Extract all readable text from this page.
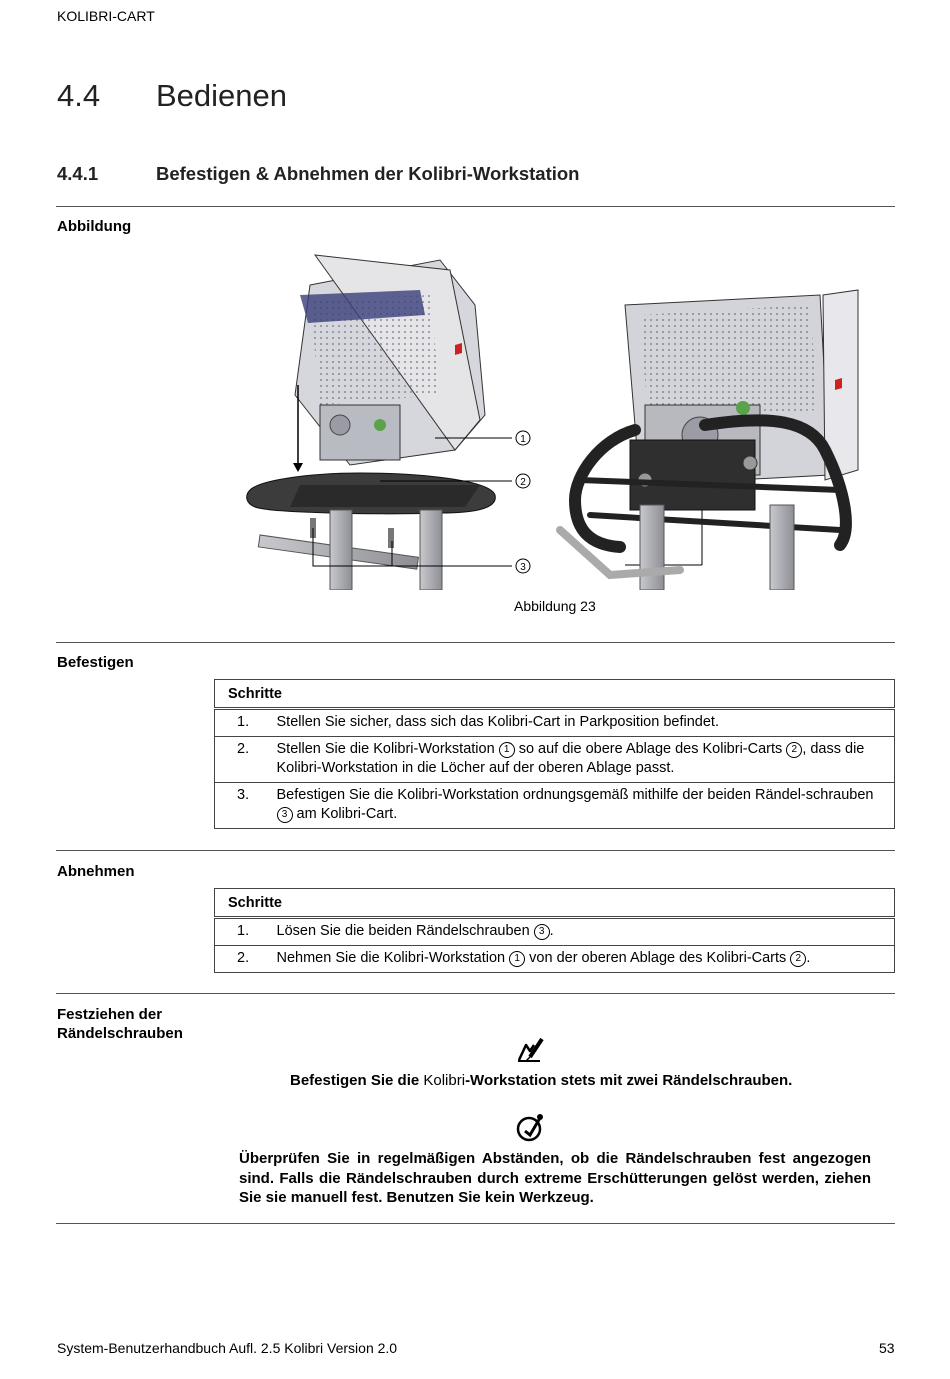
KOLIBRI-CART
4.4 Bedienen
4.4.1	Befestigen & Abnehmen der Kolibri-Workstation
Abbildung
1
2
3
Abbildung 23
Befestigen
Schritte	
1.	Stellen Sie sicher, dass sich das Kolibri-Cart in Parkposition befindet.
2.	Stellen Sie die Kolibri-Workstation 1 so auf die obere Ablage des Kolibri-Carts 2 , dass die Kolibri-Workstation in die Löcher auf der oberen Ablage passt.
3.	Befestigen Sie die Kolibri-Workstation ordnungsgemäß mithilfe der beiden Rändel-schrauben 3 am Kolibri-Cart.
Abnehmen
Schritte	
1.	Lösen Sie die beiden Rändelschrauben 3 .
2.	Nehmen Sie die Kolibri-Workstation 1 von der oberen Ablage des Kolibri-Carts 2 .
Festziehen der
Rändelschrauben
Befestigen Sie die Kolibri-Workstation stets mit zwei Rändelschrauben.
Überprüfen Sie in regelmäßigen Abständen, ob die Rändelschrauben fest angezogen sind. Falls die Rändelschrauben durch extreme Erschütterungen gelöst werden, ziehen Sie sie manuell fest. Benutzen Sie kein Werkzeug.
System-Benutzerhandbuch Aufl. 2.5 Kolibri Version 2.0	53
